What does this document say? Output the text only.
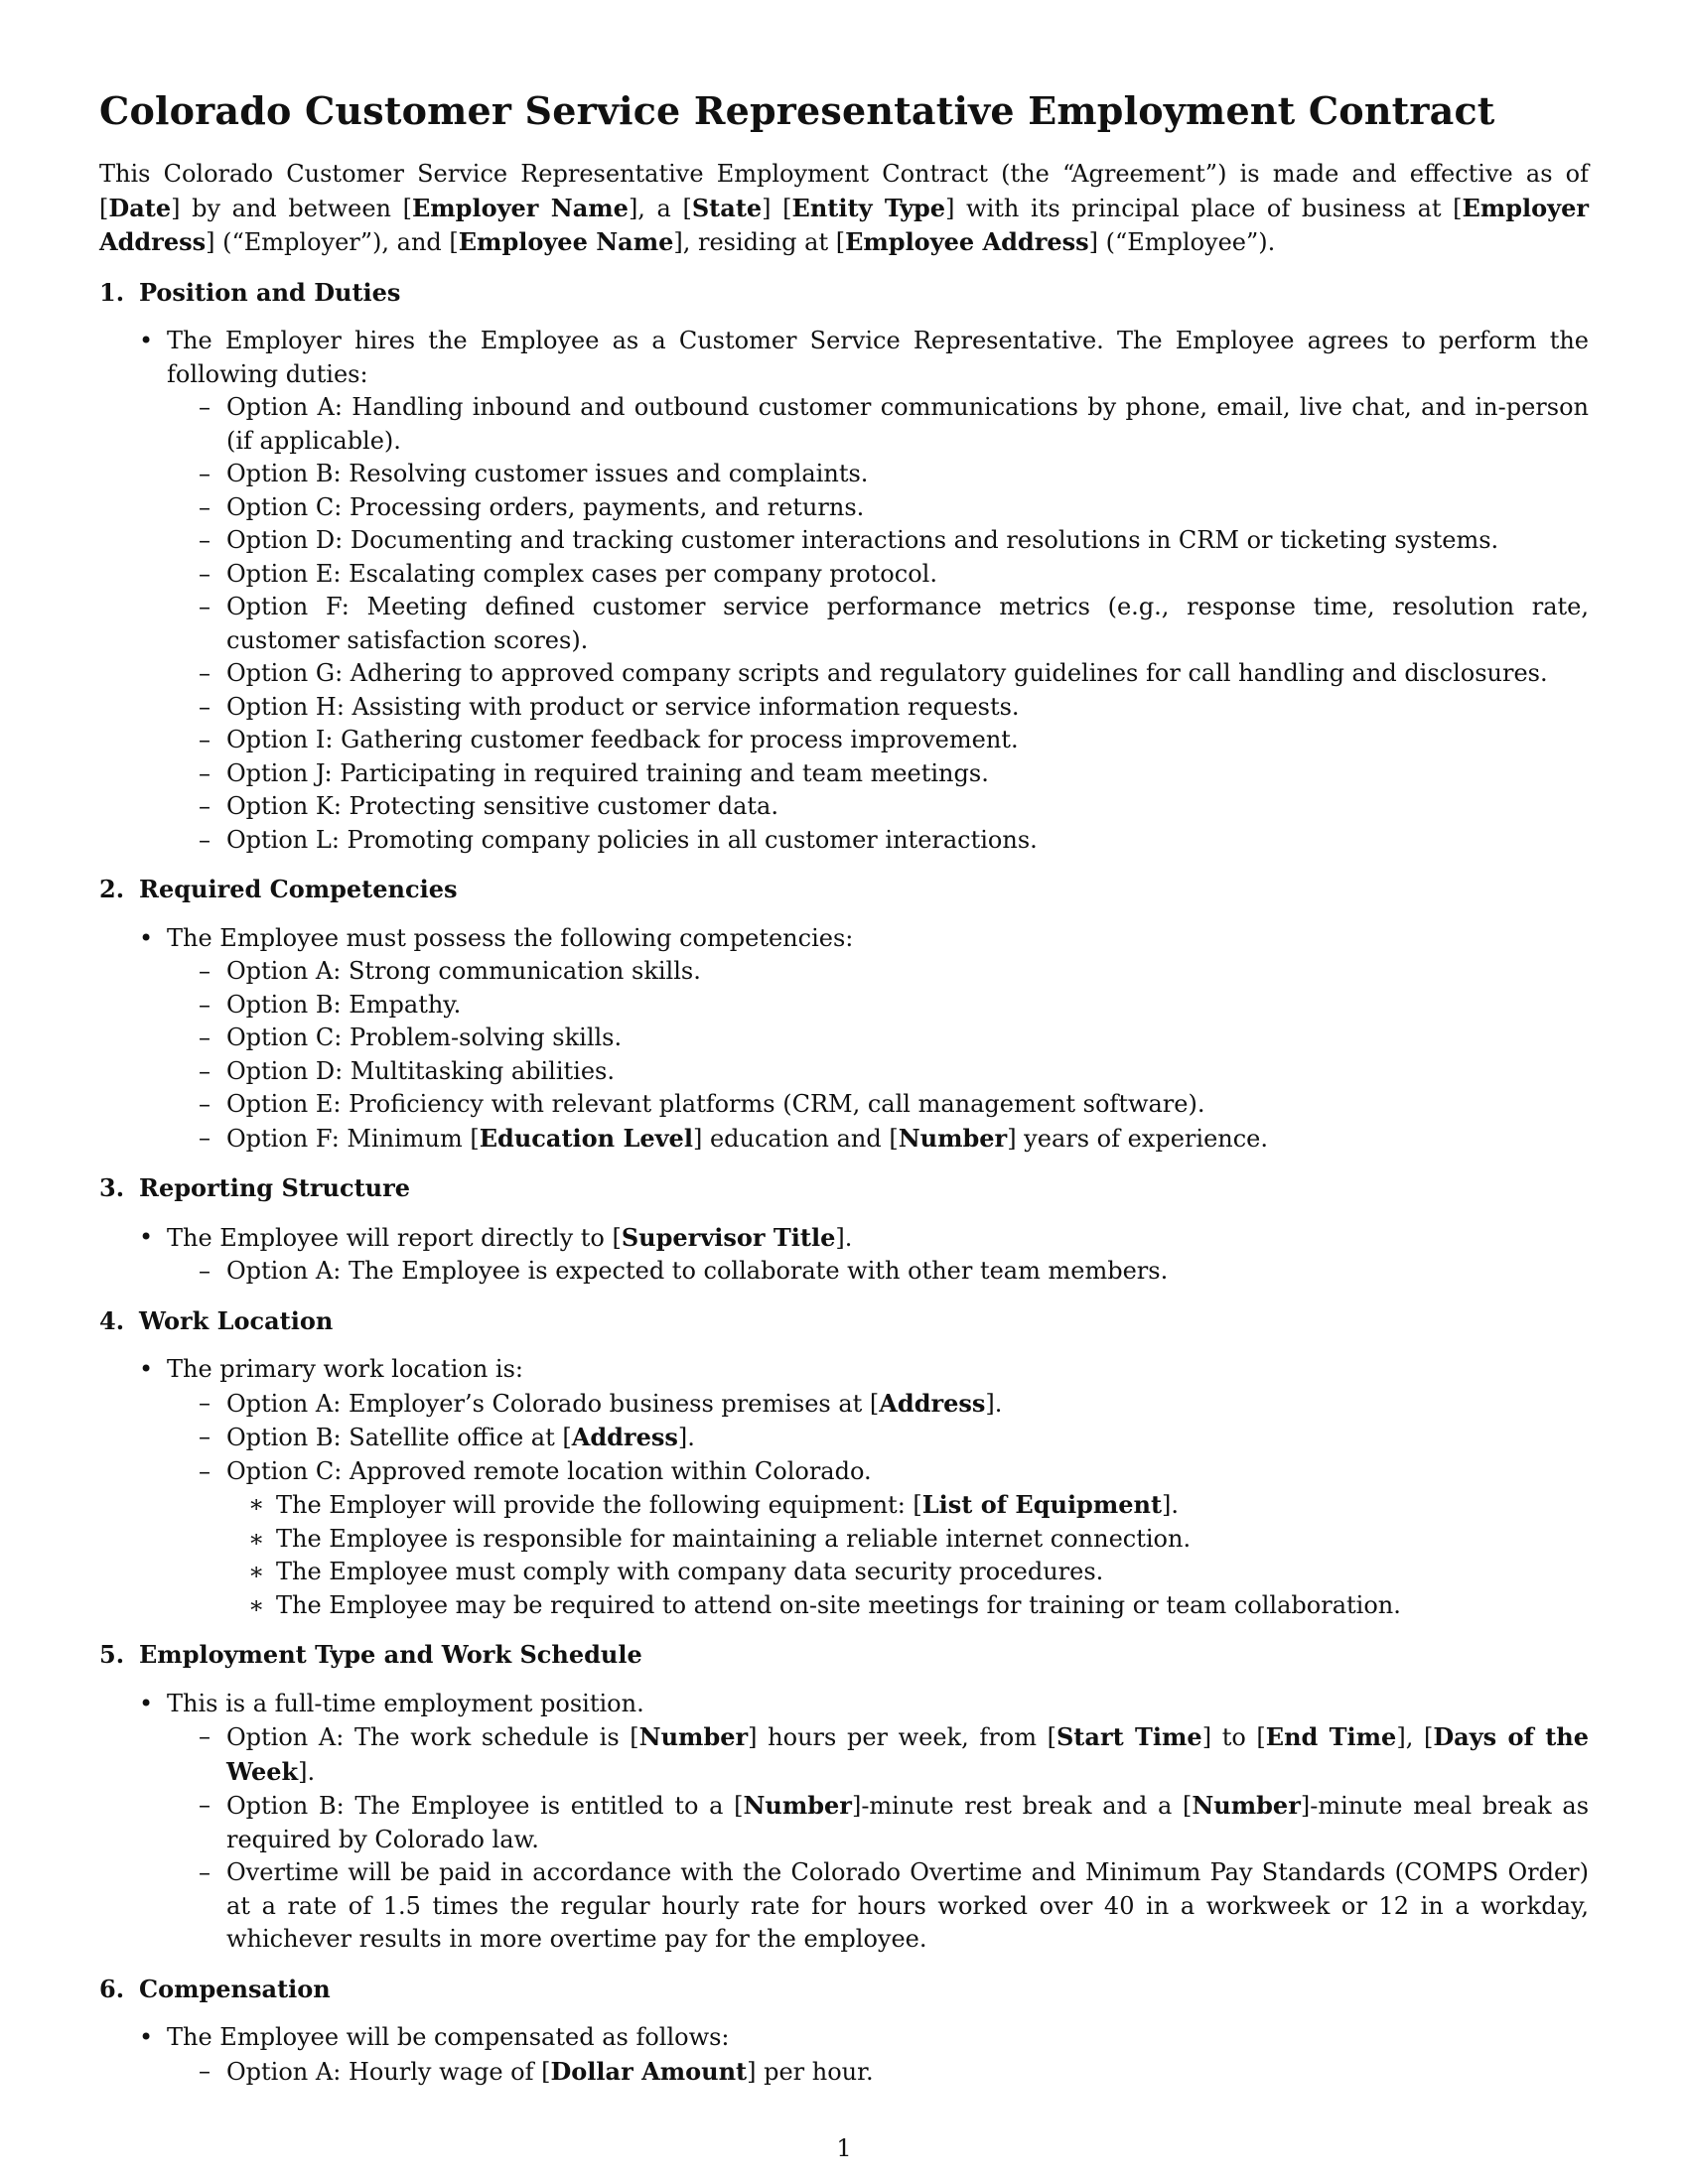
Colorado Customer Service Representative Employment Contract

This Colorado Customer Service Representative Employment Contract (the “Agreement”) is made and effective as of [Date] by and between [Employer Name], a [State] [Entity Type] with its principal place of business at [Employer Address] (“Employer”), and [Employee Name], residing at [Employee Address] (“Employee”).

1. Position and Duties
• The Employer hires the Employee as a Customer Service Representative. The Employee agrees to perform the following duties:
– Option A: Handling inbound and outbound customer communications by phone, email, live chat, and in-person (if applicable).
– Option B: Resolving customer issues and complaints.
– Option C: Processing orders, payments, and returns.
– Option D: Documenting and tracking customer interactions and resolutions in CRM or ticketing systems.
– Option E: Escalating complex cases per company protocol.
– Option F: Meeting defined customer service performance metrics (e.g., response time, resolution rate, customer satisfaction scores).
– Option G: Adhering to approved company scripts and regulatory guidelines for call handling and disclosures.
– Option H: Assisting with product or service information requests.
– Option I: Gathering customer feedback for process improvement.
– Option J: Participating in required training and team meetings.
– Option K: Protecting sensitive customer data.
– Option L: Promoting company policies in all customer interactions.
2. Required Competencies
• The Employee must possess the following competencies:
– Option A: Strong communication skills.
– Option B: Empathy.
– Option C: Problem-solving skills.
– Option D: Multitasking abilities.
– Option E: Proficiency with relevant platforms (CRM, call management software).
– Option F: Minimum [Education Level] education and [Number] years of experience.
3. Reporting Structure
• The Employee will report directly to [Supervisor Title].
– Option A: The Employee is expected to collaborate with other team members.
4. Work Location
• The primary work location is:
– Option A: Employer’s Colorado business premises at [Address].
– Option B: Satellite office at [Address].
– Option C: Approved remote location within Colorado.
∗ The Employer will provide the following equipment: [List of Equipment].
∗ The Employee is responsible for maintaining a reliable internet connection.
∗ The Employee must comply with company data security procedures.
∗ The Employee may be required to attend on-site meetings for training or team collaboration.
5. Employment Type and Work Schedule
• This is a full-time employment position.
– Option A: The work schedule is [Number] hours per week, from [Start Time] to [End Time], [Days of the Week].
– Option B: The Employee is entitled to a [Number]-minute rest break and a [Number]-minute meal break as required by Colorado law.
– Overtime will be paid in accordance with the Colorado Overtime and Minimum Pay Standards (COMPS Order) at a rate of 1.5 times the regular hourly rate for hours worked over 40 in a workweek or 12 in a workday, whichever results in more overtime pay for the employee.
6. Compensation
• The Employee will be compensated as follows:
– Option A: Hourly wage of [Dollar Amount] per hour.
1
